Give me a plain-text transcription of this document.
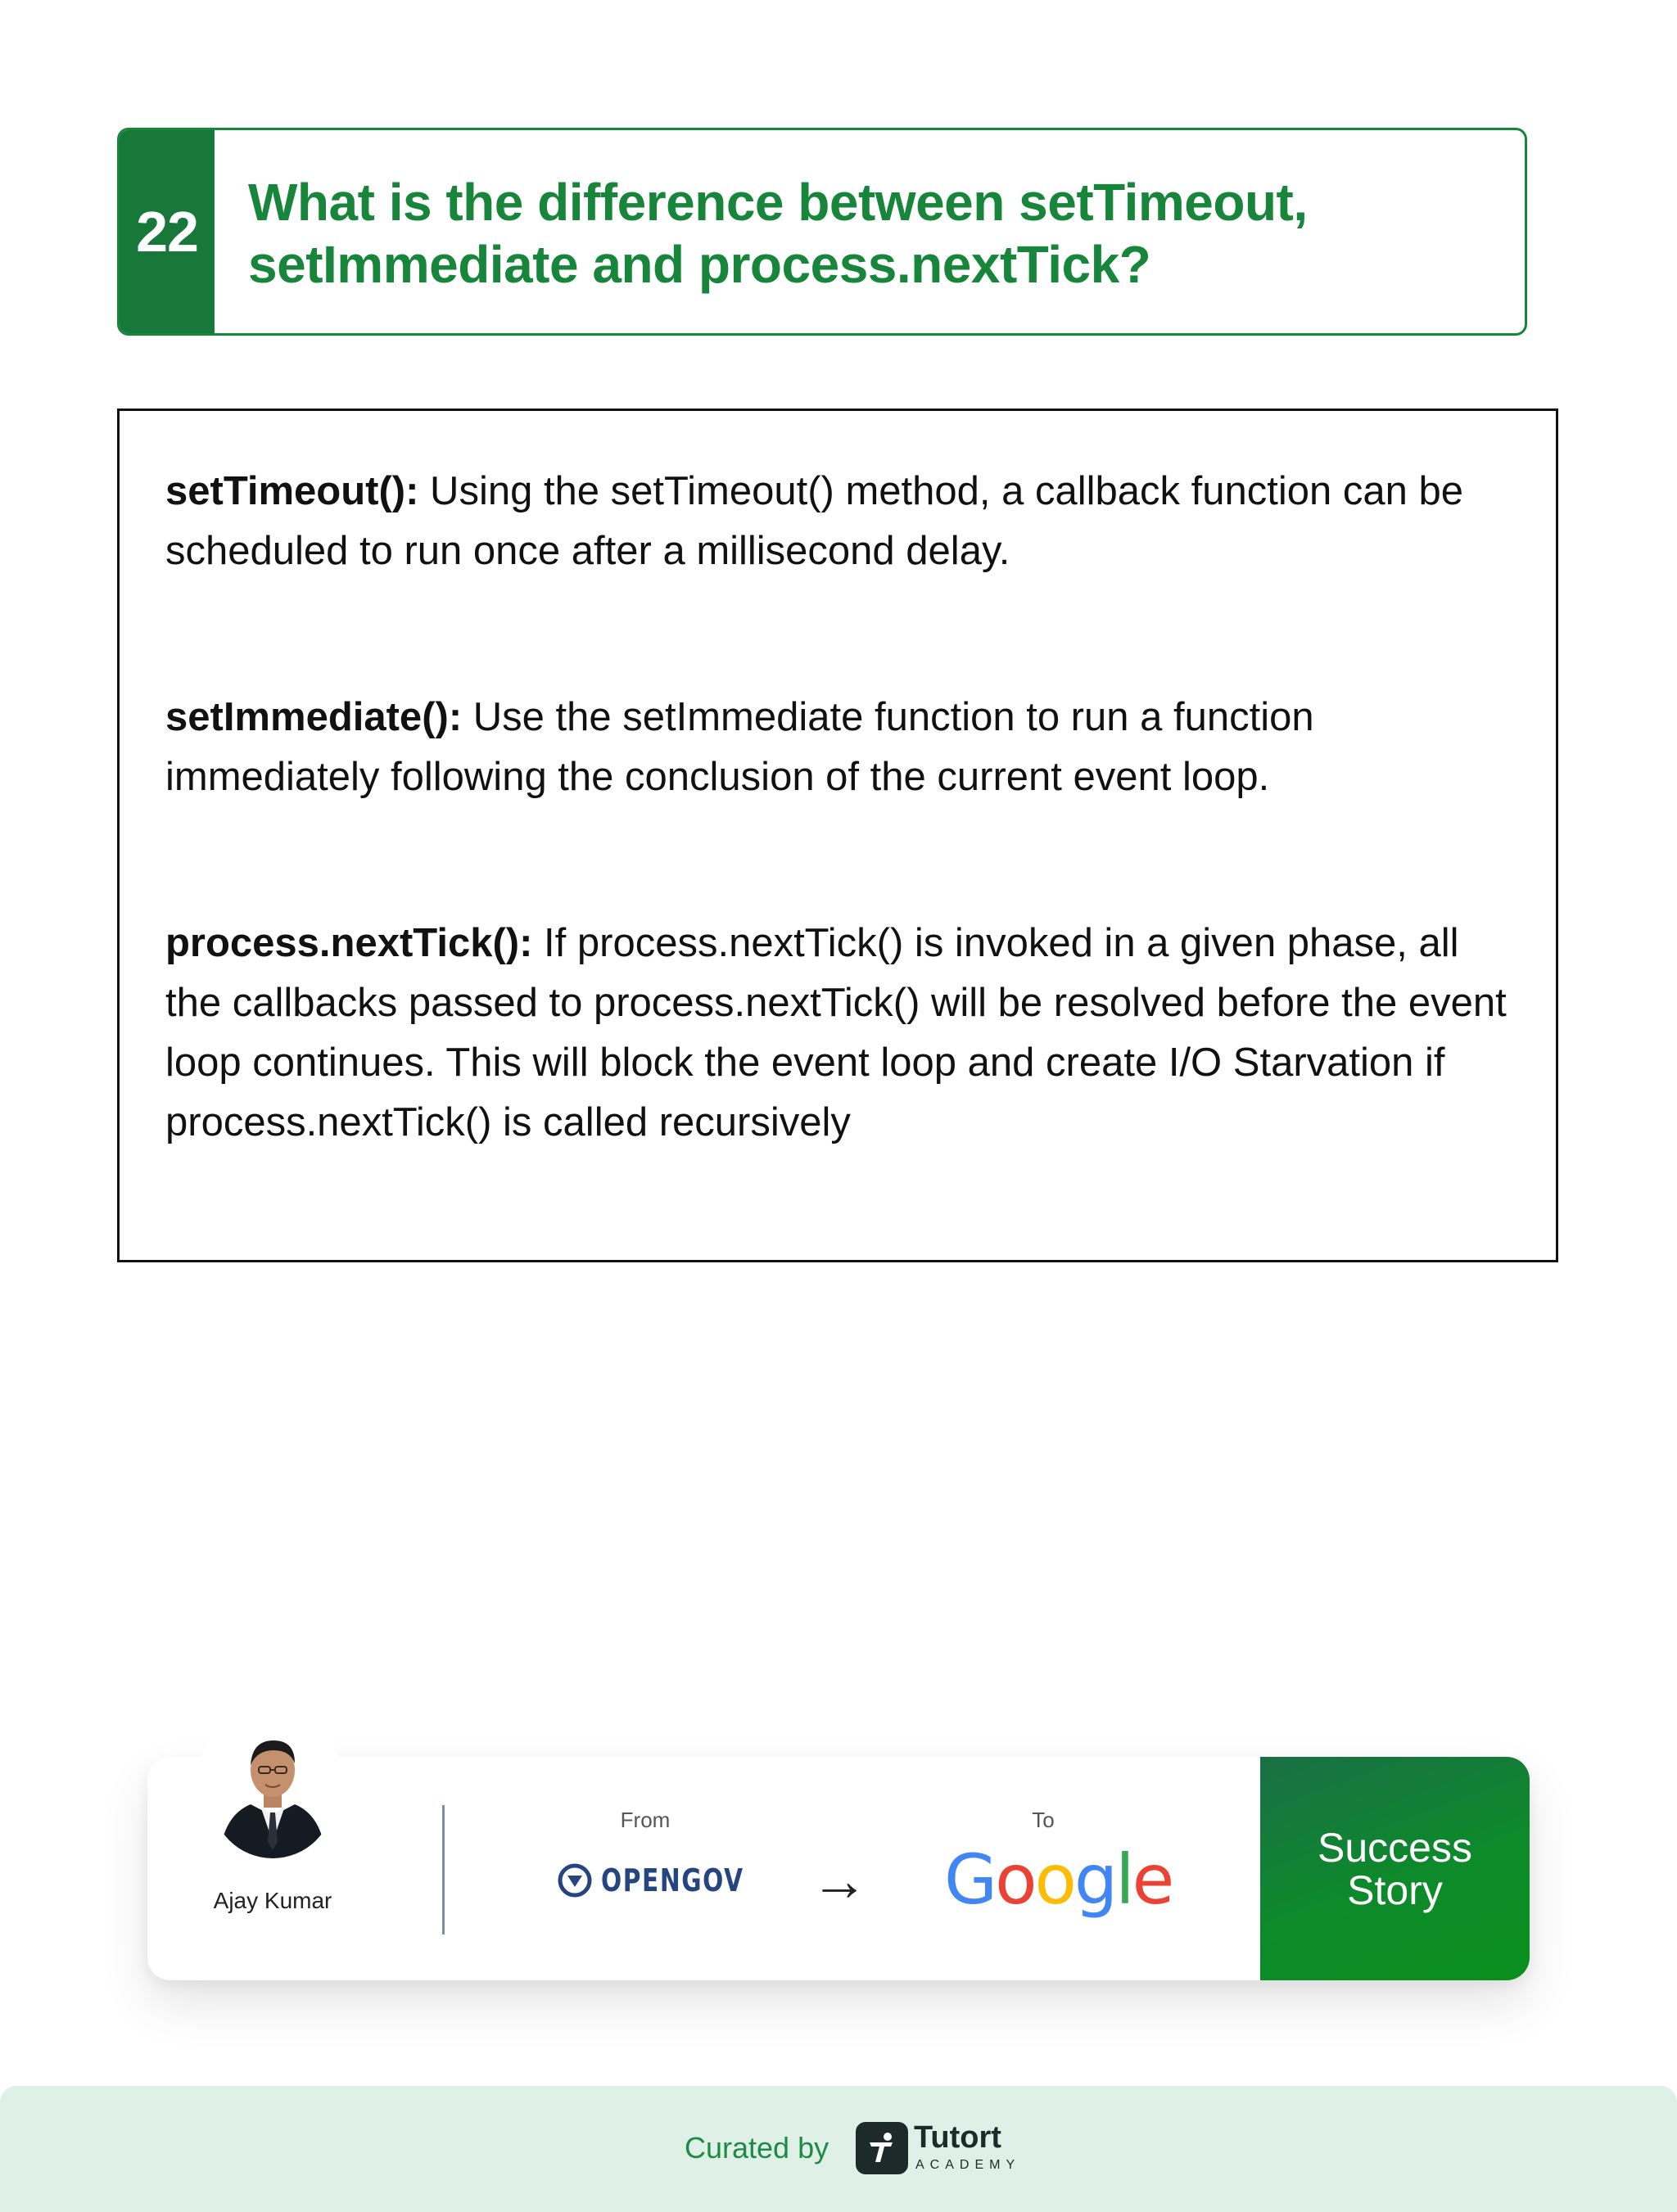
22 What is the difference between setTimeout, setImmediate and process.nextTick?
setTimeout(): Using the setTimeout() method, a callback function can be scheduled to run once after a millisecond delay.
setImmediate(): Use the setImmediate function to run a function immediately following the conclusion of the current event loop.
process.nextTick(): If process.nextTick() is invoked in a given phase, all the callbacks passed to process.nextTick() will be resolved before the event loop continues. This will block the event loop and create I/O Starvation if process.nextTick() is called recursively
Ajay Kumar
From
OPENGOV →
To
Google	Success
Story
Curated by	Tutort
ACADEMY
